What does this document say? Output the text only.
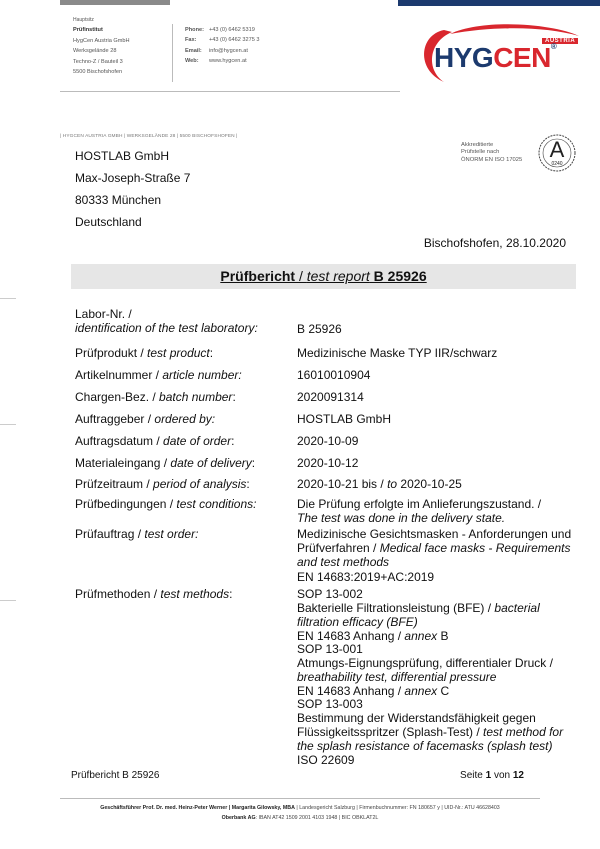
Hauptsitz
Prüfinstitut
HygCen Austria GmbH
Werksgelände 28
Techno-Z / Bauteil 3
5500 Bischofshofen
Phone: +43 (0) 6462 5319
Fax: +43 (0) 6462 3275 3
Email: info@hygcen.at
Web: www.hygcen.at
AUSTRIA
HYGCEN®
| HYGCEN AUSTRIA GMBH | WERKSGELÄNDE 28 | 5500 BISCHOFSHOFEN |
HOSTLAB GmbH
Max-Joseph-Straße 7
80333 München
Deutschland
Akkreditierte
Prüfstelle nach
ÖNORM EN ISO 17025	A
0240
Bischofshofen, 28.10.2020
Prüfbericht / test report B 25926
Labor-Nr. /
identification of the test laboratory:	B 25926
Prüfprodukt / test product:	Medizinische Maske TYP IIR/schwarz
Artikelnummer / article number:	16010010904
Chargen-Bez. / batch number:	2020091314
Auftraggeber / ordered by:	HOSTLAB GmbH
Auftragsdatum / date of order:	2020-10-09
Materialeingang / date of delivery:	2020-10-12
Prüfzeitraum / period of analysis:	2020-10-21 bis / to 2020-10-25
Prüfbedingungen / test conditions:	Die Prüfung erfolgte im Anlieferungszustand. /
The test was done in the delivery state.
Prüfauftrag / test order:	Medizinische Gesichtsmasken - Anforderungen und
Prüfverfahren / Medical face masks - Requirements
and test methods
EN 14683:2019+AC:2019
Prüfmethoden / test methods:	SOP 13-002
Bakterielle Filtrationsleistung (BFE) / bacterial
filtration efficacy (BFE)
EN 14683 Anhang / annex B
SOP 13-001
Atmungs-Eignungsprüfung, differentialer Druck /
breathability test, differential pressure
EN 14683 Anhang / annex C
SOP 13-003
Bestimmung der Widerstandsfähigkeit gegen
Flüssigkeitsspritzer (Splash-Test) / test method for
the splash resistance of facemasks (splash test)
ISO 22609
Prüfbericht B 25926	Seite 1 von 12
Geschäftsführer Prof. Dr. med. Heinz-Peter Werner | Margarita Gilowsky, MBA | Landesgericht Salzburg | Firmenbuchnummer: FN 180657 y | UID-Nr.: ATU 46628403
Oberbank AG: IBAN AT42 1509 2001 4103 1948 | BIC OBKLAT2L
